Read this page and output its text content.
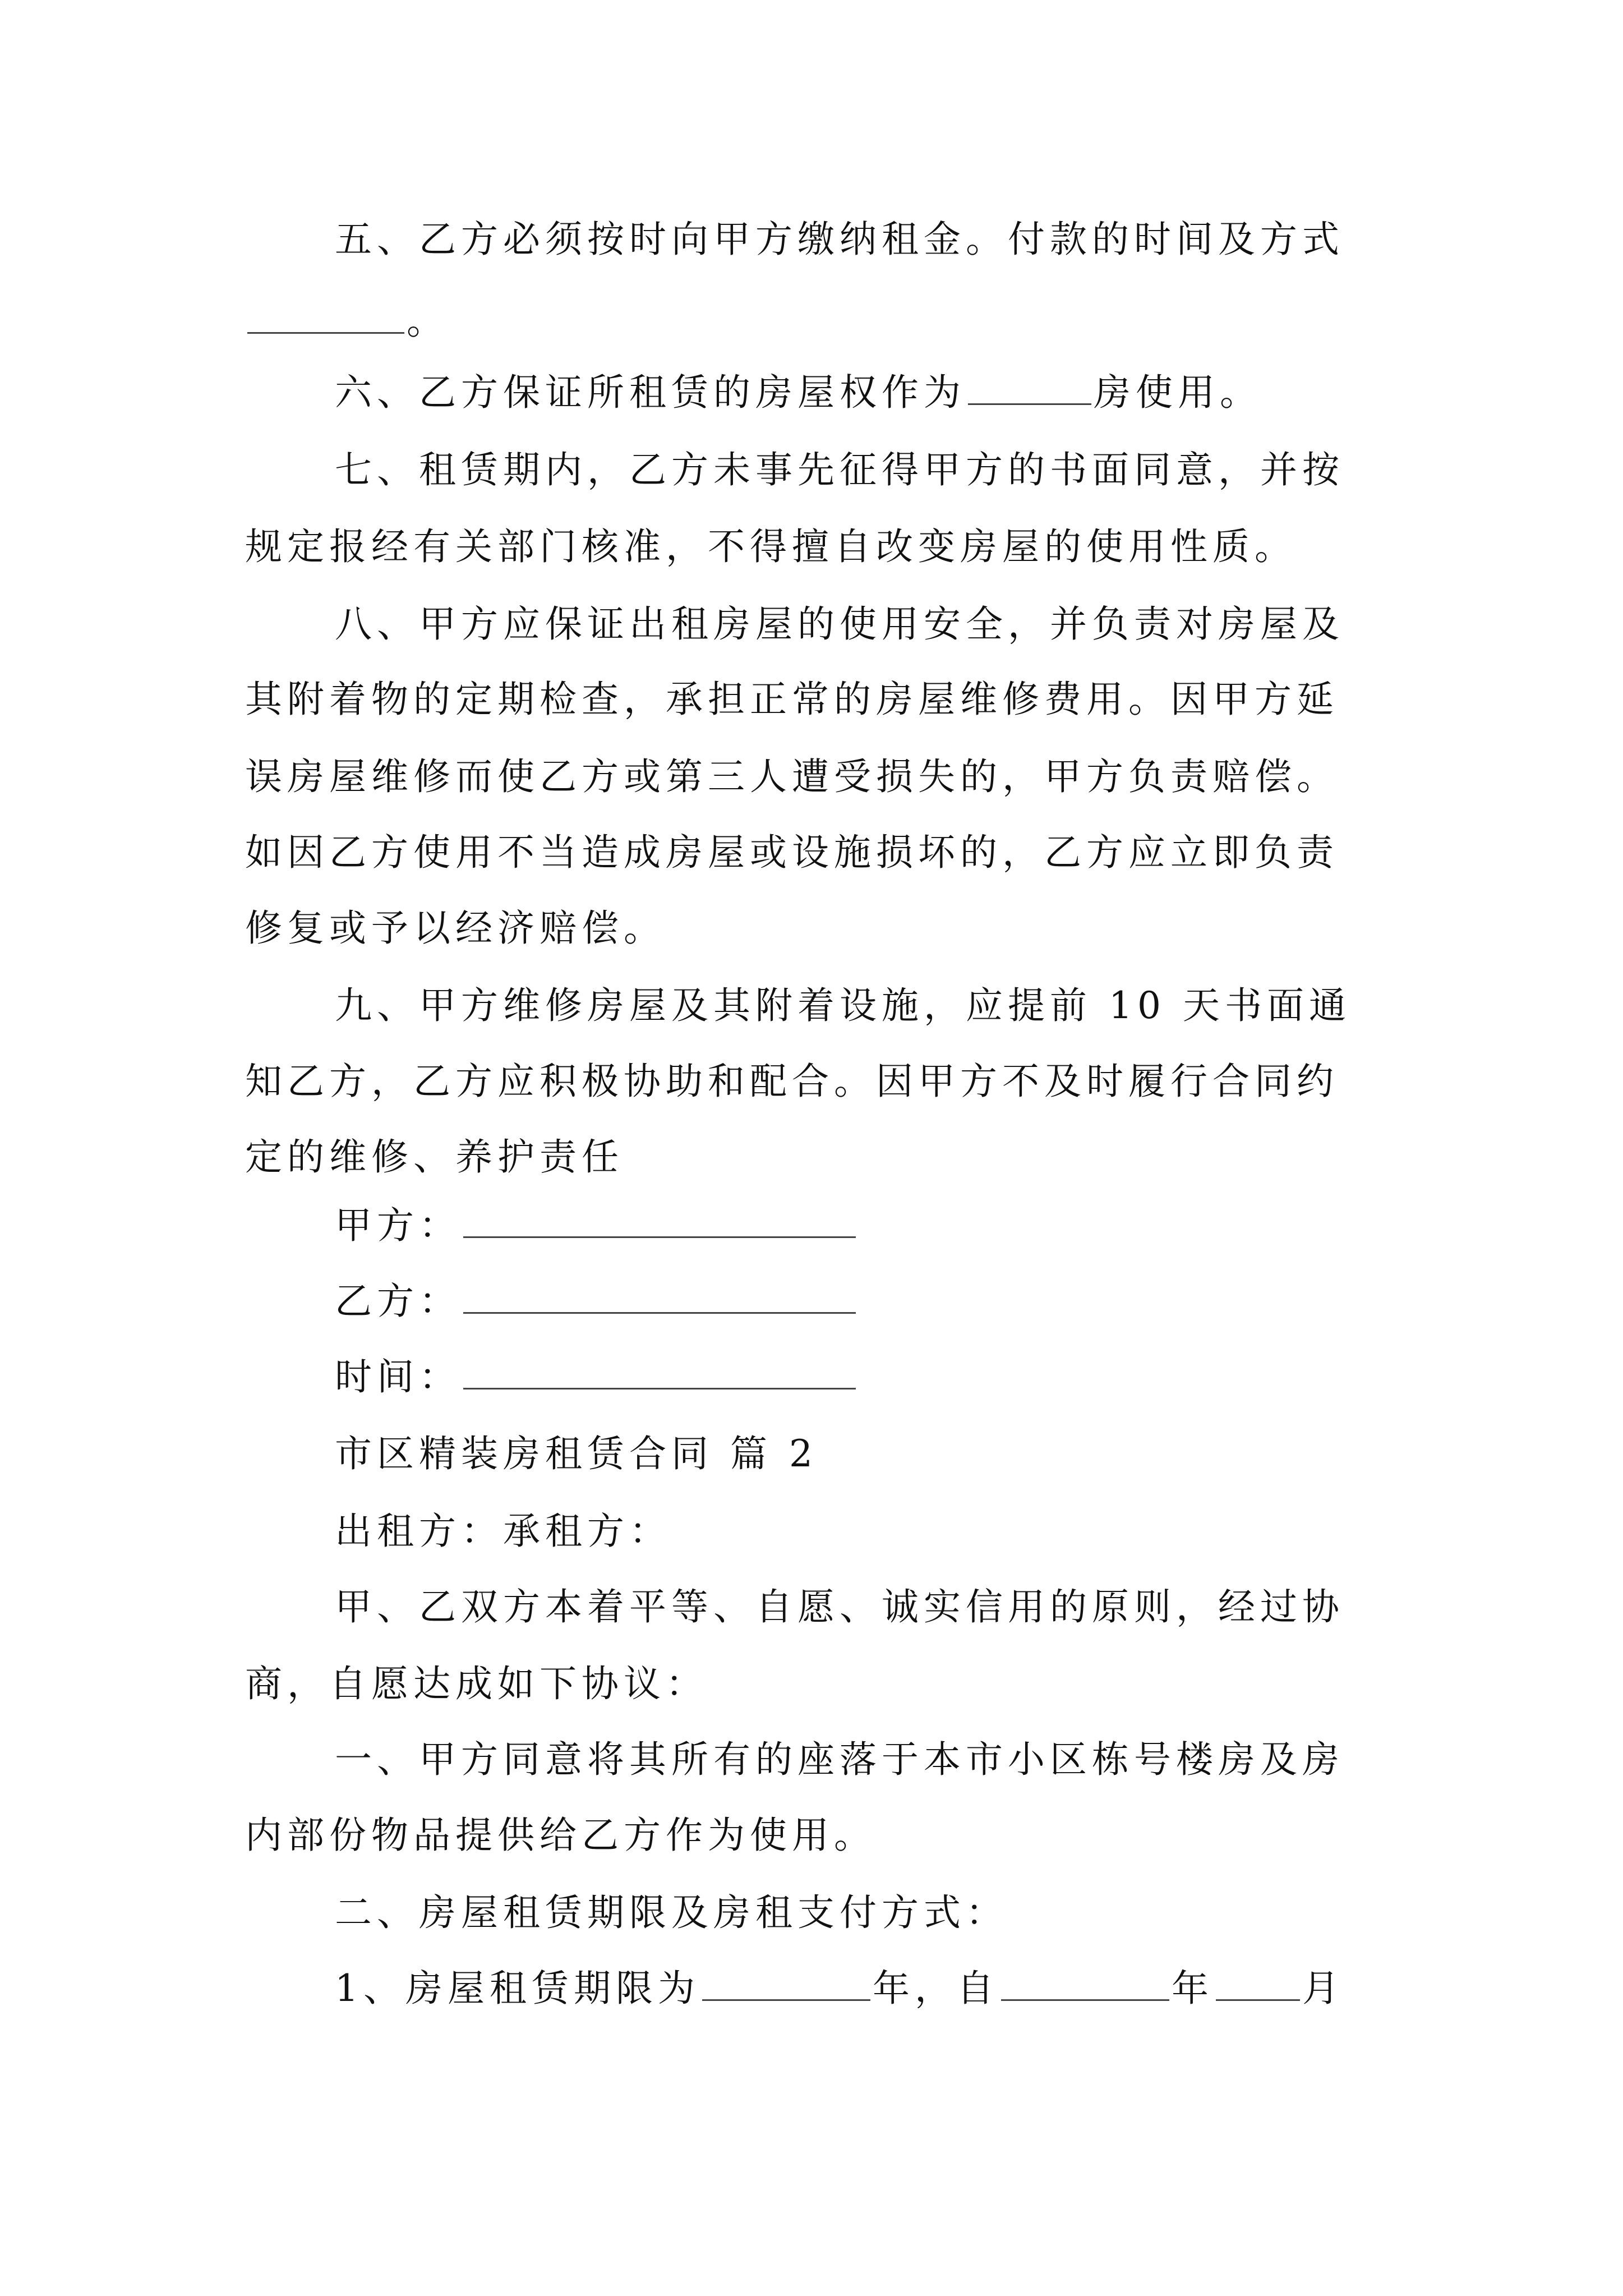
五、乙方必须按时向甲方缴纳租金。付款的时间及方式
。
六、乙方保证所租赁的房屋权作为	房使用。
七、租赁期内，乙方未事先征得甲方的书面同意，并按
规定报经有关部门核准，不得擅自改变房屋的使用性质。
八、甲方应保证出租房屋的使用安全，并负责对房屋及
其附着物的定期检查，承担正常的房屋维修费用。因甲方延
误房屋维修而使乙方或第三人遭受损失的，甲方负责赔偿。
如因乙方使用不当造成房屋或设施损坏的，乙方应立即负责
修复或予以经济赔偿。
九、甲方维修房屋及其附着设施，应提前 10 天书面通
知乙方，乙方应积极协助和配合。因甲方不及时履行合同约
定的维修、养护责任
甲方：
乙方：
时间：
市区精装房租赁合同 篇 2
出租方：承租方：
甲、乙双方本着平等、自愿、诚实信用的原则，经过协
商，自愿达成如下协议：
一、甲方同意将其所有的座落于本市小区栋号楼房及房
内部份物品提供给乙方作为使用。
二、房屋租赁期限及房租支付方式：
1、房屋租赁期限为	年，自	年 月
